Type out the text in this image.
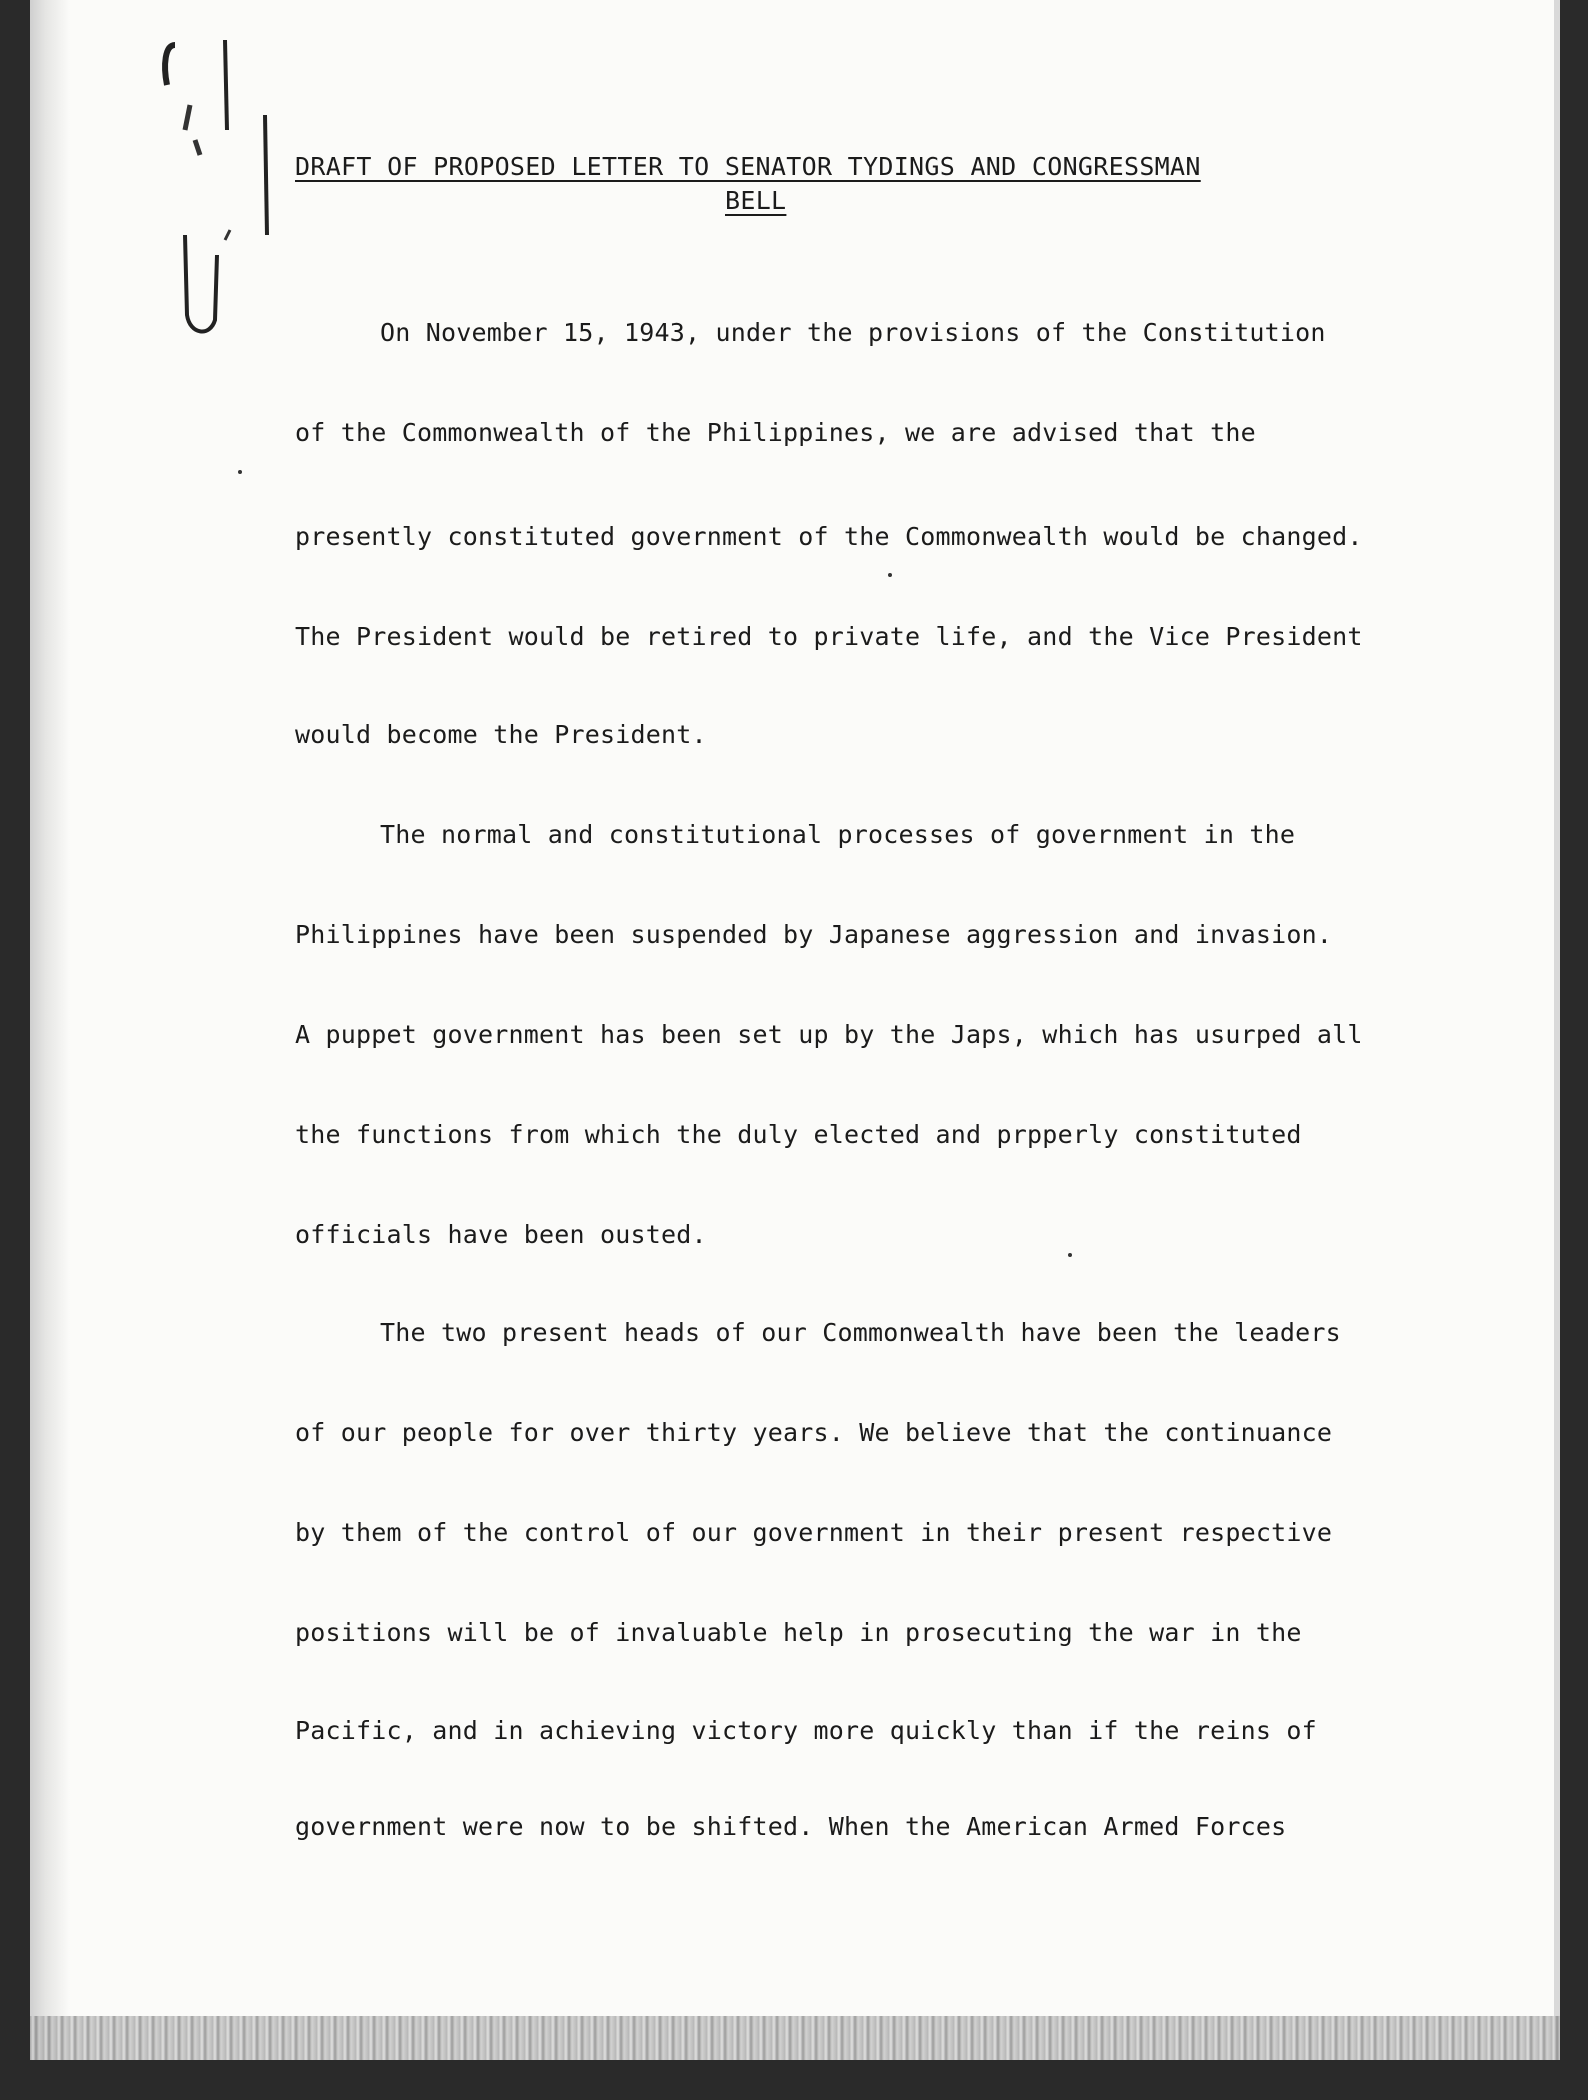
DRAFT OF PROPOSED LETTER TO SENATOR TYDINGS AND CONGRESSMAN
BELL
On November 15, 1943, under the provisions of the Constitution
of the Commonwealth of the Philippines, we are advised that the
presently constituted government of the Commonwealth would be changed.
The President would be retired to private life, and the Vice President
would become the President.
The normal and constitutional processes of government in the
Philippines have been suspended by Japanese aggression and invasion.
A puppet government has been set up by the Japs, which has usurped all
the functions from which the duly elected and prpperly constituted
officials have been ousted.
The two present heads of our Commonwealth have been the leaders
of our people for over thirty years. We believe that the continuance
by them of the control of our government in their present respective
positions will be of invaluable help in prosecuting the war in the
Pacific, and in achieving victory more quickly than if the reins of
government were now to be shifted. When the American Armed Forces
